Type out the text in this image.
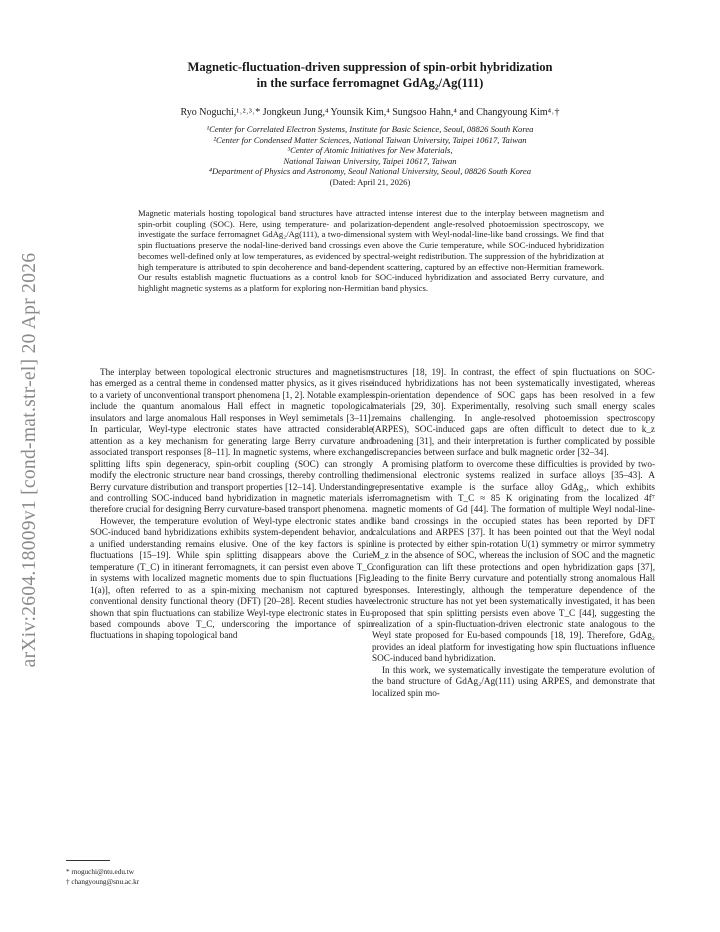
arXiv:2604.18009v1 [cond-mat.str-el] 20 Apr 2026
Magnetic-fluctuation-driven suppression of spin-orbit hybridization
in the surface ferromagnet GdAg₂/Ag(111)
Ryo Noguchi,¹˒²˒³˒* Jongkeun Jung,⁴ Younsik Kim,⁴ Sungsoo Hahn,⁴ and Changyoung Kim⁴˒†
¹Center for Correlated Electron Systems, Institute for Basic Science, Seoul, 08826 South Korea
²Center for Condensed Matter Sciences, National Taiwan University, Taipei 10617, Taiwan
³Center of Atomic Initiatives for New Materials,
National Taiwan University, Taipei 10617, Taiwan
⁴Department of Physics and Astronomy, Seoul National University, Seoul, 08826 South Korea
(Dated: April 21, 2026)
Magnetic materials hosting topological band structures have attracted intense interest due to the interplay between magnetism and spin-orbit coupling (SOC). Here, using temperature- and polarization-dependent angle-resolved photoemission spectroscopy, we investigate the surface ferromagnet GdAg₂/Ag(111), a two-dimensional system with Weyl-nodal-line-like band crossings. We find that spin fluctuations preserve the nodal-line-derived band crossings even above the Curie temperature, while SOC-induced hybridization becomes well-defined only at low temperatures, as evidenced by spectral-weight redistribution. The suppression of the hybridization at high temperature is attributed to spin decoherence and band-dependent scattering, captured by an effective non-Hermitian framework. Our results establish magnetic fluctuations as a control knob for SOC-induced hybridization and associated Berry curvature, and highlight magnetic systems as a platform for exploring non-Hermitian band physics.

The interplay between topological electronic structures and magnetism has emerged as a central theme in condensed matter physics, as it gives rise to a variety of unconventional transport phenomena [1, 2]. Notable examples include the quantum anomalous Hall effect in magnetic topological insulators and large anomalous Hall responses in Weyl semimetals [3–11]. In particular, Weyl-type electronic states have attracted considerable attention as a key mechanism for generating large Berry curvature and associated transport responses [8–11]. In magnetic systems, where exchange splitting lifts spin degeneracy, spin-orbit coupling (SOC) can strongly modify the electronic structure near band crossings, thereby controlling the Berry curvature distribution and transport properties [12–14]. Understanding and controlling SOC-induced band hybridization in magnetic materials is therefore crucial for designing Berry curvature-based transport phenomena.

However, the temperature evolution of Weyl-type electronic states and SOC-induced band hybridizations exhibits system-dependent behavior, and a unified understanding remains elusive. One of the key factors is spin fluctuations [15–19]. While spin splitting disappears above the Curie temperature (T_C) in itinerant ferromagnets, it can persist even above T_C in systems with localized magnetic moments due to spin fluctuations [Fig. 1(a)], often referred to as a spin-mixing mechanism not captured by conventional density functional theory (DFT) [20–28]. Recent studies have shown that spin fluctuations can stabilize Weyl-type electronic states in Eu-based compounds above T_C, underscoring the importance of spin fluctuations in shaping topological band

structures [18, 19]. In contrast, the effect of spin fluctuations on SOC-induced hybridizations has not been systematically investigated, whereas spin-orientation dependence of SOC gaps has been resolved in a few materials [29, 30]. Experimentally, resolving such small energy scales remains challenging. In angle-resolved photoemission spectroscopy (ARPES), SOC-induced gaps are often difficult to detect due to k_z broadening [31], and their interpretation is further complicated by possible discrepancies between surface and bulk magnetic order [32–34].

A promising platform to overcome these difficulties is provided by two-dimensional electronic systems realized in surface alloys [35–43]. A representative example is the surface alloy GdAg₂, which exhibits ferromagnetism with T_C ≈ 85 K originating from the localized 4f⁷ magnetic moments of Gd [44]. The formation of multiple Weyl nodal-line-like band crossings in the occupied states has been reported by DFT calculations and ARPES [37]. It has been pointed out that the Weyl nodal line is protected by either spin-rotation U(1) symmetry or mirror symmetry M_z in the absence of SOC, whereas the inclusion of SOC and the magnetic configuration can lift these protections and open hybridization gaps [37], leading to the finite Berry curvature and potentially strong anomalous Hall responses. Interestingly, although the temperature dependence of the electronic structure has not yet been systematically investigated, it has been proposed that spin splitting persists even above T_C [44], suggesting the realization of a spin-fluctuation-driven electronic state analogous to the Weyl state proposed for Eu-based compounds [18, 19]. Therefore, GdAg₂ provides an ideal platform for investigating how spin fluctuations influence SOC-induced band hybridization.

In this work, we systematically investigate the temperature evolution of the band structure of GdAg₂/Ag(111) using ARPES, and demonstrate that localized spin mo-

* rnoguchi@ntu.edu.tw
† changyoung@snu.ac.kr
